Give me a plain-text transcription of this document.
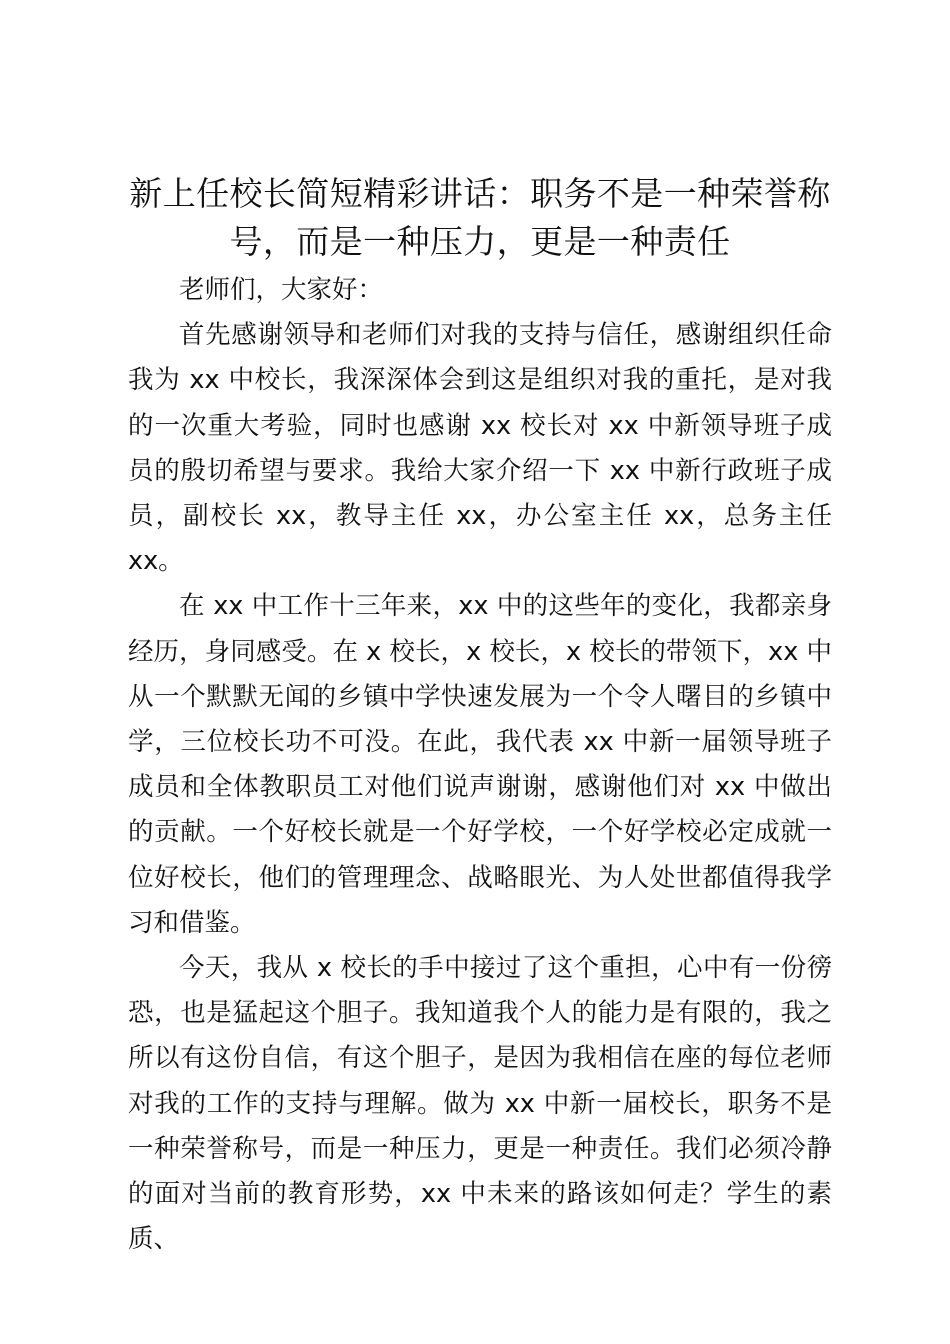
新上任校长简短精彩讲话：职务不是一种荣誉称号，而是一种压力，更是一种责任

老师们，大家好：

首先感谢领导和老师们对我的支持与信任，感谢组织任命我为 xx 中校长，我深深体会到这是组织对我的重托，是对我的一次重大考验，同时也感谢 xx 校长对 xx 中新领导班子成员的殷切希望与要求。我给大家介绍一下 xx 中新行政班子成员，副校长 xx，教导主任 xx，办公室主任 xx，总务主任 xx。

在 xx 中工作十三年来，xx 中的这些年的变化，我都亲身经历，身同感受。在 x 校长，x 校长，x 校长的带领下，xx 中从一个默默无闻的乡镇中学快速发展为一个令人曙目的乡镇中学，三位校长功不可没。在此，我代表 xx 中新一届领导班子成员和全体教职员工对他们说声谢谢，感谢他们对 xx 中做出的贡献。一个好校长就是一个好学校，一个好学校必定成就一位好校长，他们的管理理念、战略眼光、为人处世都值得我学习和借鉴。

今天，我从 x 校长的手中接过了这个重担，心中有一份徬恐，也是猛起这个胆子。我知道我个人的能力是有限的，我之所以有这份自信，有这个胆子，是因为我相信在座的每位老师对我的工作的支持与理解。做为 xx 中新一届校长，职务不是一种荣誉称号，而是一种压力，更是一种责任。我们必须冷静的面对当前的教育形势，xx 中未来的路该如何走？学生的素质、
